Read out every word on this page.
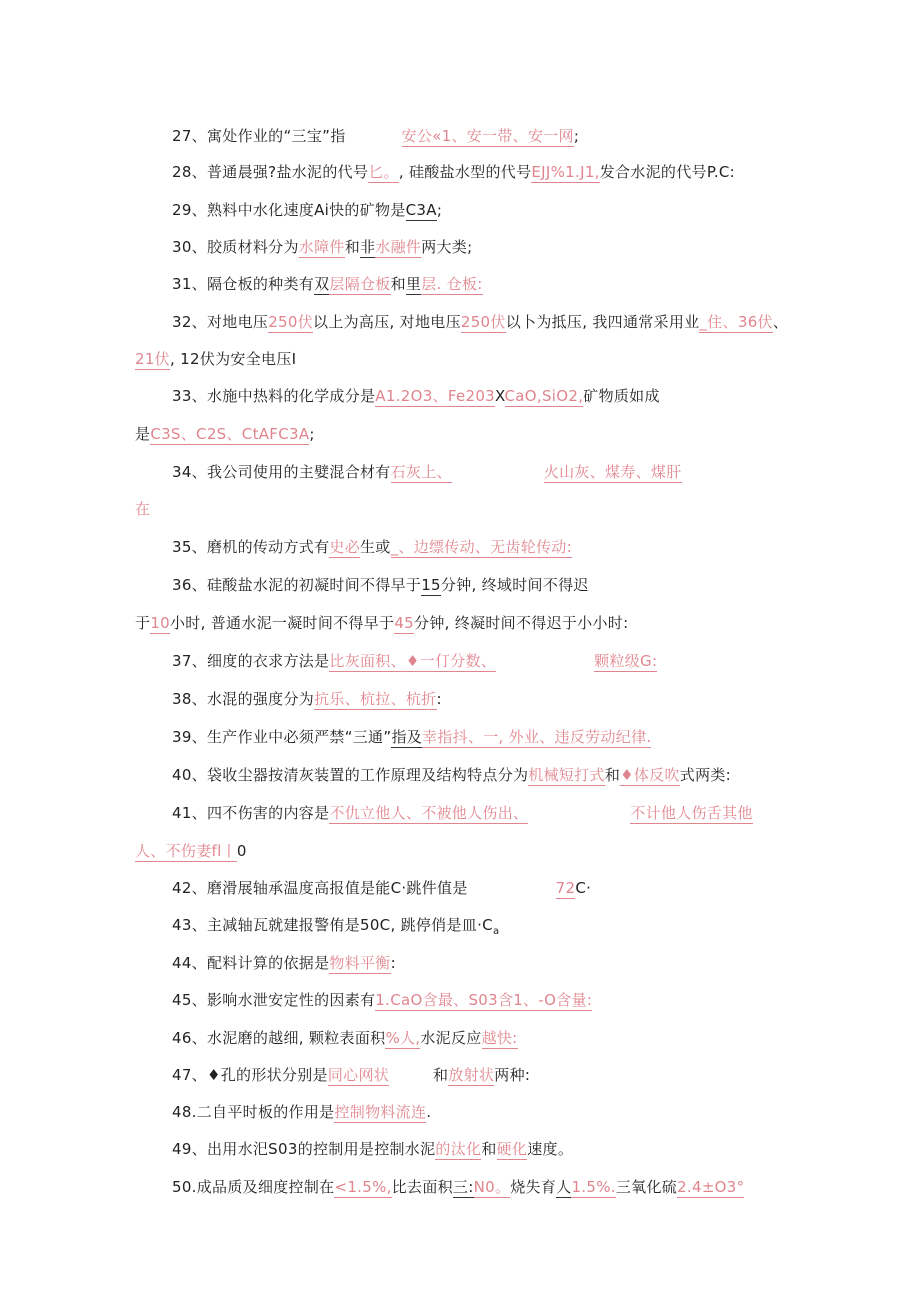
27、寓处作业的“三宝”指	安公«1、安一带、安一网;
28、普通晨强?盐水泥的代号匕。, 硅酸盐水型的代号EJJ%1.J1,发合水泥的代号P.C:
29、熟料中水化速度Ai快的矿物是C3A;
30、胶质材料分为水障件和非水融件两大类;
31、隔仓板的种类有双层隔仓板和里层. 仓板:
32、对地电压250伏以上为高压, 对地电压250伏以卜为抵压, 我四通常采用业_住、36伏、
21伏, 12伏为安全电压I
33、水施中热料的化学成分是A1.2O3、Fe203XCaO,SiO2,矿物质如成
是C3S、C2S、CtAFC3A;
34、我公司使用的主嬖混合材有石灰上、	火山灰、煤寿、煤肝
在
35、磨机的传动方式有史必生或_、边缥传动、无齿轮传动:
36、硅酸盐水泥的初凝时间不得早于15分钟, 终域时间不得迟
于10小时, 普通水泥一凝时间不得早于45分钟, 终凝时间不得迟于小小时:
37、细度的衣求方法是比灰面积、♦一仃分数、	颗粒级G:
38、水混的强度分为抗乐、杭拉、杭折:
39、生产作业中必须严禁“三通”指及幸指抖、一, 外业、违反劳动纪律.
40、袋收尘器按清灰装置的工作原理及结构特点分为机械短打式和♦体反吹式两类:
41、四不伤害的内容是不仇立他人、不被他人伤出、	不计他人伤舌其他
人、不伤妻fl丨0
42、磨滑展轴承温度高报值是能C·跳件值是	72C·
43、主减轴瓦就建报警侑是50C, 跳停俏是皿$\cdot C_a$
44、配料计算的依据是物料平衡:
45、影响水泄安定性的因素有1.CaO含最、S03含1、-O含量:
46、水泥磨的越细, 颗粒表面积%人,水泥反应越快:
47、♦孔的形状分别是同心网状	和放射状两种:
48.二自平时板的作用是控制物料流连.
49、出用水汜S03的控制用是控制水泥的汰化和硬化速度。
50.成品质及细度控制在<1.5%,比去面积三:N0。烧失育人1.5%.三氧化硫2.4±O3°
